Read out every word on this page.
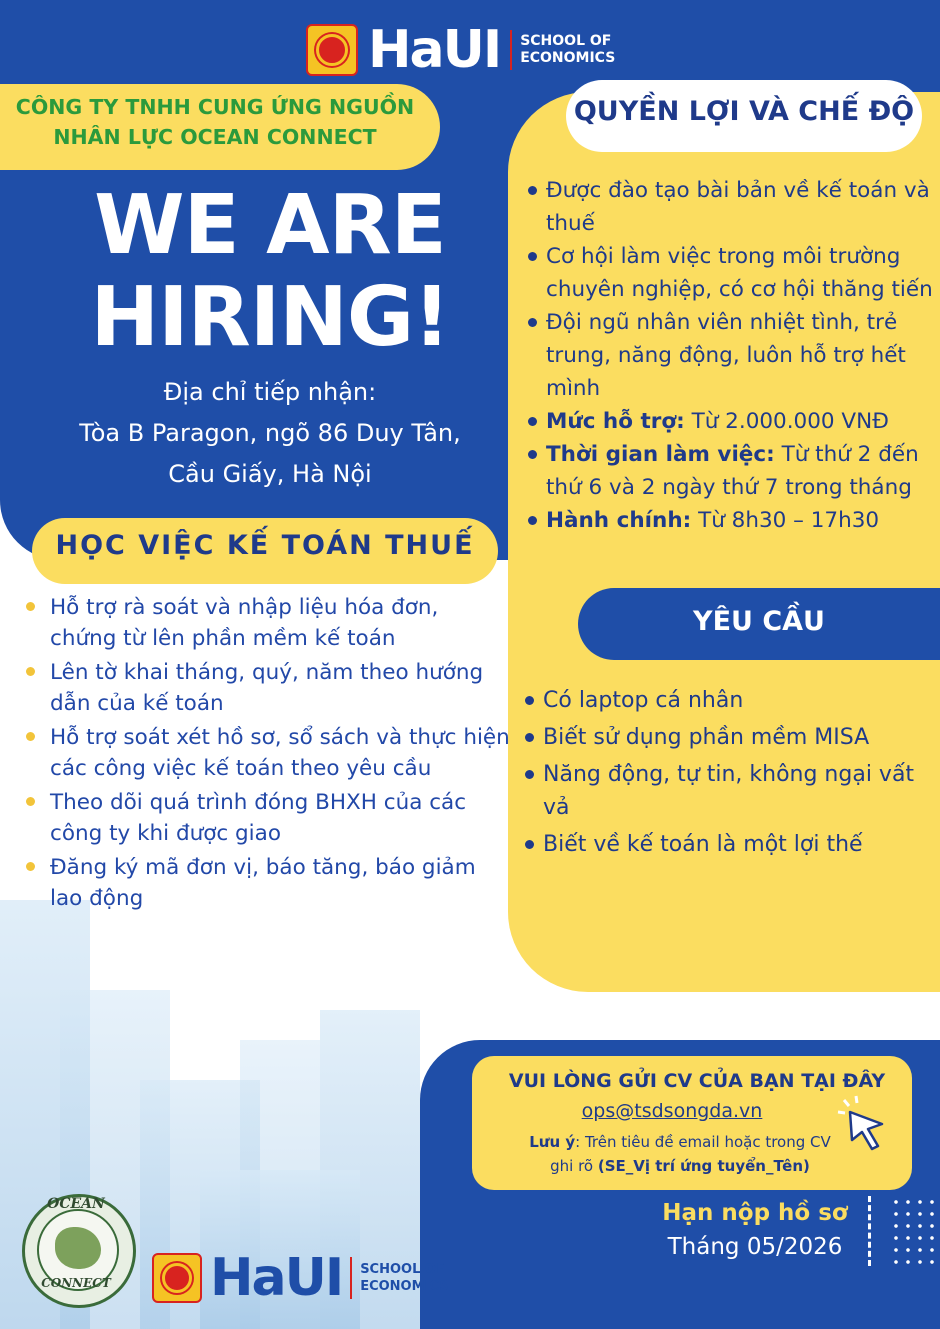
HaUI SCHOOL OF
ECONOMICS
CÔNG TY TNHH CUNG ỨNG NGUỒN
NHÂN LỰC OCEAN CONNECT
WE ARE
HIRING!
Địa chỉ tiếp nhận:
Tòa B Paragon, ngõ 86 Duy Tân,
Cầu Giấy, Hà Nội
HỌC VIỆC KẾ TOÁN THUẾ
Hỗ trợ rà soát và nhập liệu hóa đơn, chứng từ lên phần mềm kế toán
Lên tờ khai tháng, quý, năm theo hướng dẫn của kế toán
Hỗ trợ soát xét hồ sơ, sổ sách và thực hiện các công việc kế toán theo yêu cầu
Theo dõi quá trình đóng BHXH của các công ty khi được giao
Đăng ký mã đơn vị, báo tăng, báo giảm lao động
QUYỀN LỢI VÀ CHẾ ĐỘ
Được đào tạo bài bản về kế toán và thuế
Cơ hội làm việc trong môi trường chuyên nghiệp, có cơ hội thăng tiến
Đội ngũ nhân viên nhiệt tình, trẻ trung, năng động, luôn hỗ trợ hết mình
Mức hỗ trợ: Từ 2.000.000 VNĐ
Thời gian làm việc: Từ thứ 2 đến thứ 6 và 2 ngày thứ 7 trong tháng
Hành chính: Từ 8h30 – 17h30
YÊU CẦU
Có laptop cá nhân
Biết sử dụng phần mềm MISA
Năng động, tự tin, không ngại vất vả
Biết về kế toán là một lợi thế
VUI LÒNG GỬI CV CỦA BẠN TẠI ĐÂY
ops@tsdsongda.vn
Lưu ý: Trên tiêu đề email hoặc trong CV
ghi rõ (SE_Vị trí ứng tuyển_Tên)
Hạn nộp hồ sơ
Tháng 05/2026
OCEAN
CONNECT	HaUI SCHOOL OF
ECONOMICS
